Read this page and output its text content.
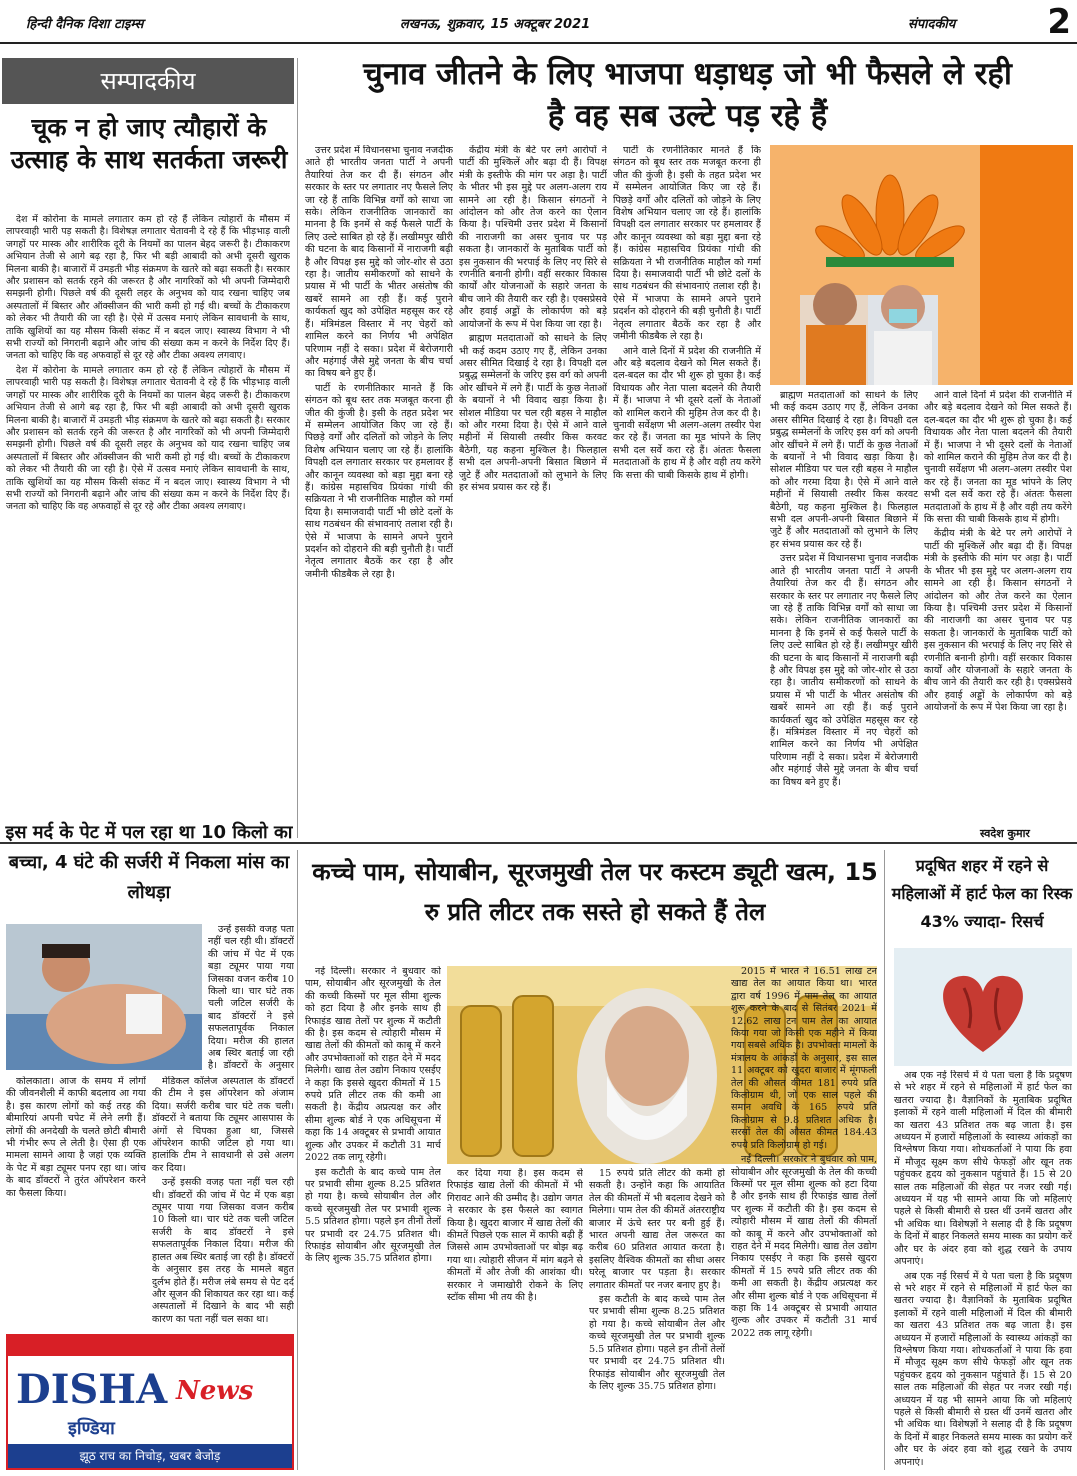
हिन्दी दैनिक दिशा टाइम्स	लखनऊ, शुक्रवार, 15 अक्टूबर 2021	संपादकीय	2
सम्पादकीय
चूक न हो जाए त्यौहारों के उत्साह के साथ सतर्कता जरूरी

देश में कोरोना के मामले लगातार कम हो रहे हैं लेकिन त्योहारों के मौसम में लापरवाही भारी पड़ सकती है। विशेषज्ञ लगातार चेतावनी दे रहे हैं कि भीड़भाड़ वाली जगहों पर मास्क और शारीरिक दूरी के नियमों का पालन बेहद जरूरी है। टीकाकरण अभियान तेजी से आगे बढ़ रहा है, फिर भी बड़ी आबादी को अभी दूसरी खुराक मिलना बाकी है। बाजारों में उमड़ती भीड़ संक्रमण के खतरे को बढ़ा सकती है। सरकार और प्रशासन को सतर्क रहने की जरूरत है और नागरिकों को भी अपनी जिम्मेदारी समझनी होगी। पिछले वर्ष की दूसरी लहर के अनुभव को याद रखना चाहिए जब अस्पतालों में बिस्तर और ऑक्सीजन की भारी कमी हो गई थी। बच्चों के टीकाकरण को लेकर भी तैयारी की जा रही है। ऐसे में उत्सव मनाएं लेकिन सावधानी के साथ, ताकि खुशियों का यह मौसम किसी संकट में न बदल जाए। स्वास्थ्य विभाग ने भी सभी राज्यों को निगरानी बढ़ाने और जांच की संख्या कम न करने के निर्देश दिए हैं। जनता को चाहिए कि वह अफवाहों से दूर रहे और टीका अवश्य लगवाए।

देश में कोरोना के मामले लगातार कम हो रहे हैं लेकिन त्योहारों के मौसम में लापरवाही भारी पड़ सकती है। विशेषज्ञ लगातार चेतावनी दे रहे हैं कि भीड़भाड़ वाली जगहों पर मास्क और शारीरिक दूरी के नियमों का पालन बेहद जरूरी है। टीकाकरण अभियान तेजी से आगे बढ़ रहा है, फिर भी बड़ी आबादी को अभी दूसरी खुराक मिलना बाकी है। बाजारों में उमड़ती भीड़ संक्रमण के खतरे को बढ़ा सकती है। सरकार और प्रशासन को सतर्क रहने की जरूरत है और नागरिकों को भी अपनी जिम्मेदारी समझनी होगी। पिछले वर्ष की दूसरी लहर के अनुभव को याद रखना चाहिए जब अस्पतालों में बिस्तर और ऑक्सीजन की भारी कमी हो गई थी। बच्चों के टीकाकरण को लेकर भी तैयारी की जा रही है। ऐसे में उत्सव मनाएं लेकिन सावधानी के साथ, ताकि खुशियों का यह मौसम किसी संकट में न बदल जाए। स्वास्थ्य विभाग ने भी सभी राज्यों को निगरानी बढ़ाने और जांच की संख्या कम न करने के निर्देश दिए हैं। जनता को चाहिए कि वह अफवाहों से दूर रहे और टीका अवश्य लगवाए।

चुनाव जीतने के लिए भाजपा धड़ाधड़ जो भी फैसले ले रही
है वह सब उल्टे पड़ रहे हैं

उत्तर प्रदेश में विधानसभा चुनाव नजदीक आते ही भारतीय जनता पार्टी ने अपनी तैयारियां तेज कर दी हैं। संगठन और सरकार के स्तर पर लगातार नए फैसले लिए जा रहे हैं ताकि विभिन्न वर्गों को साधा जा सके। लेकिन राजनीतिक जानकारों का मानना है कि इनमें से कई फैसले पार्टी के लिए उल्टे साबित हो रहे हैं। लखीमपुर खीरी की घटना के बाद किसानों में नाराजगी बढ़ी है और विपक्ष इस मुद्दे को जोर-शोर से उठा रहा है। जातीय समीकरणों को साधने के प्रयास में भी पार्टी के भीतर असंतोष की खबरें सामने आ रही हैं। कई पुराने कार्यकर्ता खुद को उपेक्षित महसूस कर रहे हैं। मंत्रिमंडल विस्तार में नए चेहरों को शामिल करने का निर्णय भी अपेक्षित परिणाम नहीं दे सका। प्रदेश में बेरोजगारी और महंगाई जैसे मुद्दे जनता के बीच चर्चा का विषय बने हुए हैं।

पार्टी के रणनीतिकार मानते हैं कि संगठन को बूथ स्तर तक मजबूत करना ही जीत की कुंजी है। इसी के तहत प्रदेश भर में सम्मेलन आयोजित किए जा रहे हैं। पिछड़े वर्गों और दलितों को जोड़ने के लिए विशेष अभियान चलाए जा रहे हैं। हालांकि विपक्षी दल लगातार सरकार पर हमलावर हैं और कानून व्यवस्था को बड़ा मुद्दा बना रहे हैं। कांग्रेस महासचिव प्रियंका गांधी की सक्रियता ने भी राजनीतिक माहौल को गर्मा दिया है। समाजवादी पार्टी भी छोटे दलों के साथ गठबंधन की संभावनाएं तलाश रही है। ऐसे में भाजपा के सामने अपने पुराने प्रदर्शन को दोहराने की बड़ी चुनौती है। पार्टी नेतृत्व लगातार बैठकें कर रहा है और जमीनी फीडबैक ले रहा है।

केंद्रीय मंत्री के बेटे पर लगे आरोपों ने पार्टी की मुश्किलें और बढ़ा दी हैं। विपक्ष मंत्री के इस्तीफे की मांग पर अड़ा है। पार्टी के भीतर भी इस मुद्दे पर अलग-अलग राय सामने आ रही है। किसान संगठनों ने आंदोलन को और तेज करने का ऐलान किया है। पश्चिमी उत्तर प्रदेश में किसानों की नाराजगी का असर चुनाव पर पड़ सकता है। जानकारों के मुताबिक पार्टी को इस नुकसान की भरपाई के लिए नए सिरे से रणनीति बनानी होगी। वहीं सरकार विकास कार्यों और योजनाओं के सहारे जनता के बीच जाने की तैयारी कर रही है। एक्सप्रेसवे और हवाई अड्डों के लोकार्पण को बड़े आयोजनों के रूप में पेश किया जा रहा है।

ब्राह्मण मतदाताओं को साधने के लिए भी कई कदम उठाए गए हैं, लेकिन उनका असर सीमित दिखाई दे रहा है। विपक्षी दल प्रबुद्ध सम्मेलनों के जरिए इस वर्ग को अपनी ओर खींचने में लगे हैं। पार्टी के कुछ नेताओं के बयानों ने भी विवाद खड़ा किया है। सोशल मीडिया पर चल रही बहस ने माहौल को और गरमा दिया है। ऐसे में आने वाले महीनों में सियासी तस्वीर किस करवट बैठेगी, यह कहना मुश्किल है। फिलहाल सभी दल अपनी-अपनी बिसात बिछाने में जुटे हैं और मतदाताओं को लुभाने के लिए हर संभव प्रयास कर रहे हैं।

पार्टी के रणनीतिकार मानते हैं कि संगठन को बूथ स्तर तक मजबूत करना ही जीत की कुंजी है। इसी के तहत प्रदेश भर में सम्मेलन आयोजित किए जा रहे हैं। पिछड़े वर्गों और दलितों को जोड़ने के लिए विशेष अभियान चलाए जा रहे हैं। हालांकि विपक्षी दल लगातार सरकार पर हमलावर हैं और कानून व्यवस्था को बड़ा मुद्दा बना रहे हैं। कांग्रेस महासचिव प्रियंका गांधी की सक्रियता ने भी राजनीतिक माहौल को गर्मा दिया है। समाजवादी पार्टी भी छोटे दलों के साथ गठबंधन की संभावनाएं तलाश रही है। ऐसे में भाजपा के सामने अपने पुराने प्रदर्शन को दोहराने की बड़ी चुनौती है। पार्टी नेतृत्व लगातार बैठकें कर रहा है और जमीनी फीडबैक ले रहा है।

आने वाले दिनों में प्रदेश की राजनीति में और बड़े बदलाव देखने को मिल सकते हैं। दल-बदल का दौर भी शुरू हो चुका है। कई विधायक और नेता पाला बदलने की तैयारी में हैं। भाजपा ने भी दूसरे दलों के नेताओं को शामिल कराने की मुहिम तेज कर दी है। चुनावी सर्वेक्षण भी अलग-अलग तस्वीर पेश कर रहे हैं। जनता का मूड भांपने के लिए सभी दल सर्वे करा रहे हैं। अंततः फैसला मतदाताओं के हाथ में है और वही तय करेंगे कि सत्ता की चाबी किसके हाथ में होगी।

ब्राह्मण मतदाताओं को साधने के लिए भी कई कदम उठाए गए हैं, लेकिन उनका असर सीमित दिखाई दे रहा है। विपक्षी दल प्रबुद्ध सम्मेलनों के जरिए इस वर्ग को अपनी ओर खींचने में लगे हैं। पार्टी के कुछ नेताओं के बयानों ने भी विवाद खड़ा किया है। सोशल मीडिया पर चल रही बहस ने माहौल को और गरमा दिया है। ऐसे में आने वाले महीनों में सियासी तस्वीर किस करवट बैठेगी, यह कहना मुश्किल है। फिलहाल सभी दल अपनी-अपनी बिसात बिछाने में जुटे हैं और मतदाताओं को लुभाने के लिए हर संभव प्रयास कर रहे हैं।

उत्तर प्रदेश में विधानसभा चुनाव नजदीक आते ही भारतीय जनता पार्टी ने अपनी तैयारियां तेज कर दी हैं। संगठन और सरकार के स्तर पर लगातार नए फैसले लिए जा रहे हैं ताकि विभिन्न वर्गों को साधा जा सके। लेकिन राजनीतिक जानकारों का मानना है कि इनमें से कई फैसले पार्टी के लिए उल्टे साबित हो रहे हैं। लखीमपुर खीरी की घटना के बाद किसानों में नाराजगी बढ़ी है और विपक्ष इस मुद्दे को जोर-शोर से उठा रहा है। जातीय समीकरणों को साधने के प्रयास में भी पार्टी के भीतर असंतोष की खबरें सामने आ रही हैं। कई पुराने कार्यकर्ता खुद को उपेक्षित महसूस कर रहे हैं। मंत्रिमंडल विस्तार में नए चेहरों को शामिल करने का निर्णय भी अपेक्षित परिणाम नहीं दे सका। प्रदेश में बेरोजगारी और महंगाई जैसे मुद्दे जनता के बीच चर्चा का विषय बने हुए हैं।

आने वाले दिनों में प्रदेश की राजनीति में और बड़े बदलाव देखने को मिल सकते हैं। दल-बदल का दौर भी शुरू हो चुका है। कई विधायक और नेता पाला बदलने की तैयारी में हैं। भाजपा ने भी दूसरे दलों के नेताओं को शामिल कराने की मुहिम तेज कर दी है। चुनावी सर्वेक्षण भी अलग-अलग तस्वीर पेश कर रहे हैं। जनता का मूड भांपने के लिए सभी दल सर्वे करा रहे हैं। अंततः फैसला मतदाताओं के हाथ में है और वही तय करेंगे कि सत्ता की चाबी किसके हाथ में होगी।

केंद्रीय मंत्री के बेटे पर लगे आरोपों ने पार्टी की मुश्किलें और बढ़ा दी हैं। विपक्ष मंत्री के इस्तीफे की मांग पर अड़ा है। पार्टी के भीतर भी इस मुद्दे पर अलग-अलग राय सामने आ रही है। किसान संगठनों ने आंदोलन को और तेज करने का ऐलान किया है। पश्चिमी उत्तर प्रदेश में किसानों की नाराजगी का असर चुनाव पर पड़ सकता है। जानकारों के मुताबिक पार्टी को इस नुकसान की भरपाई के लिए नए सिरे से रणनीति बनानी होगी। वहीं सरकार विकास कार्यों और योजनाओं के सहारे जनता के बीच जाने की तैयारी कर रही है। एक्सप्रेसवे और हवाई अड्डों के लोकार्पण को बड़े आयोजनों के रूप में पेश किया जा रहा है।

स्वदेश कुमार
इस मर्द के पेट में पल रहा था 10 किलो का बच्चा, 4 घंटे की सर्जरी में निकला मांस का लोथड़ा

उन्हें इसकी वजह पता नहीं चल रही थी। डॉक्टरों की जांच में पेट में एक बड़ा ट्यूमर पाया गया जिसका वजन करीब 10 किलो था। चार घंटे तक चली जटिल सर्जरी के बाद डॉक्टरों ने इसे सफलतापूर्वक निकाल दिया। मरीज की हालत अब स्थिर बताई जा रही है। डॉक्टरों के अनुसार

कोलकाता। आज के समय में लोगों की जीवनशैली में काफी बदलाव आ गया है। इस कारण लोगों को कई तरह की बीमारियां अपनी चपेट में लेने लगी हैं। लोगों की अनदेखी के चलते छोटी बीमारी भी गंभीर रूप ले लेती है। ऐसा ही एक मामला सामने आया है जहां एक व्यक्ति के पेट में बड़ा ट्यूमर पनप रहा था। जांच के बाद डॉक्टरों ने तुरंत ऑपरेशन करने का फैसला किया।

मेडिकल कॉलेज अस्पताल के डॉक्टरों की टीम ने इस ऑपरेशन को अंजाम दिया। सर्जरी करीब चार घंटे तक चली। डॉक्टरों ने बताया कि ट्यूमर आसपास के अंगों से चिपका हुआ था, जिससे ऑपरेशन काफी जटिल हो गया था। हालांकि टीम ने सावधानी से उसे अलग कर दिया।

उन्हें इसकी वजह पता नहीं चल रही थी। डॉक्टरों की जांच में पेट में एक बड़ा ट्यूमर पाया गया जिसका वजन करीब 10 किलो था। चार घंटे तक चली जटिल सर्जरी के बाद डॉक्टरों ने इसे सफलतापूर्वक निकाल दिया। मरीज की हालत अब स्थिर बताई जा रही है। डॉक्टरों के अनुसार इस तरह के मामले बहुत दुर्लभ होते हैं। मरीज लंबे समय से पेट दर्द और सूजन की शिकायत कर रहा था। कई अस्पतालों में दिखाने के बाद भी सही कारण का पता नहीं चल सका था।

DISHA News
इण्डिया
झूठ राच का निचोड़, खबर बेजोड़
कच्चे पाम, सोयाबीन, सूरजमुखी तेल पर कस्टम ड्यूटी खत्म, 15 रु प्रति लीटर तक सस्ते हो सकते हैं तेल

नई दिल्ली। सरकार ने बुधवार को पाम, सोयाबीन और सूरजमुखी के तेल की कच्ची किस्मों पर मूल सीमा शुल्क को हटा दिया है और इनके साथ ही रिफाइंड खाद्य तेलों पर शुल्क में कटौती की है। इस कदम से त्योहारी मौसम में खाद्य तेलों की कीमतों को काबू में करने और उपभोक्ताओं को राहत देने में मदद मिलेगी। खाद्य तेल उद्योग निकाय एसईए ने कहा कि इससे खुदरा कीमतों में 15 रुपये प्रति लीटर तक की कमी आ सकती है। केंद्रीय अप्रत्यक्ष कर और सीमा शुल्क बोर्ड ने एक अधिसूचना में कहा कि 14 अक्टूबर से प्रभावी आयात शुल्क और उपकर में कटौती 31 मार्च 2022 तक लागू रहेगी।

इस कटौती के बाद कच्चे पाम तेल पर प्रभावी सीमा शुल्क 8.25 प्रतिशत हो गया है। कच्चे सोयाबीन तेल और कच्चे सूरजमुखी तेल पर प्रभावी शुल्क 5.5 प्रतिशत होगा। पहले इन तीनों तेलों पर प्रभावी दर 24.75 प्रतिशत थी। रिफाइंड सोयाबीन और सूरजमुखी तेल के लिए शुल्क 35.75 प्रतिशत होगा।

कर दिया गया है। इस कदम से रिफाइंड खाद्य तेलों की कीमतों में भी गिरावट आने की उम्मीद है। उद्योग जगत ने सरकार के इस फैसले का स्वागत किया है। खुदरा बाजार में खाद्य तेलों की कीमतें पिछले एक साल में काफी बढ़ी हैं जिससे आम उपभोक्ताओं पर बोझ बढ़ गया था। त्योहारी सीजन में मांग बढ़ने से कीमतों में और तेजी की आशंका थी। सरकार ने जमाखोरी रोकने के लिए स्टॉक सीमा भी तय की है।

15 रुपये प्रति लीटर की कमी हो सकती है। उन्होंने कहा कि आयातित तेल की कीमतों में भी बदलाव देखने को मिलेगा। पाम तेल की कीमतें अंतरराष्ट्रीय बाजार में ऊंचे स्तर पर बनी हुई हैं। भारत अपनी खाद्य तेल जरूरत का करीब 60 प्रतिशत आयात करता है। इसलिए वैश्विक कीमतों का सीधा असर घरेलू बाजार पर पड़ता है। सरकार लगातार कीमतों पर नजर बनाए हुए है।

इस कटौती के बाद कच्चे पाम तेल पर प्रभावी सीमा शुल्क 8.25 प्रतिशत हो गया है। कच्चे सोयाबीन तेल और कच्चे सूरजमुखी तेल पर प्रभावी शुल्क 5.5 प्रतिशत होगा। पहले इन तीनों तेलों पर प्रभावी दर 24.75 प्रतिशत थी। रिफाइंड सोयाबीन और सूरजमुखी तेल के लिए शुल्क 35.75 प्रतिशत होगा।

2015 में भारत ने 16.51 लाख टन खाद्य तेल का आयात किया था। भारत द्वारा वर्ष 1996 में पाम तेल का आयात शुरू करने के बाद से सितंबर 2021 में 12.62 लाख टन पाम तेल का आयात किया गया जो किसी एक महीने में किया गया सबसे अधिक है। उपभोक्ता मामलों के मंत्रालय के आंकड़ों के अनुसार, इस साल 11 अक्टूबर को खुदरा बाजार में मूंगफली तेल की औसत कीमत 181 रुपये प्रति किलोग्राम थी, जो एक साल पहले की समान अवधि के 165 रुपये प्रति किलोग्राम से 9.8 प्रतिशत अधिक है। सरसों तेल की औसत कीमत 184.43 रुपये प्रति किलोग्राम हो गई।

नई दिल्ली। सरकार ने बुधवार को पाम, सोयाबीन और सूरजमुखी के तेल की कच्ची किस्मों पर मूल सीमा शुल्क को हटा दिया है और इनके साथ ही रिफाइंड खाद्य तेलों पर शुल्क में कटौती की है। इस कदम से त्योहारी मौसम में खाद्य तेलों की कीमतों को काबू में करने और उपभोक्ताओं को राहत देने में मदद मिलेगी। खाद्य तेल उद्योग निकाय एसईए ने कहा कि इससे खुदरा कीमतों में 15 रुपये प्रति लीटर तक की कमी आ सकती है। केंद्रीय अप्रत्यक्ष कर और सीमा शुल्क बोर्ड ने एक अधिसूचना में कहा कि 14 अक्टूबर से प्रभावी आयात शुल्क और उपकर में कटौती 31 मार्च 2022 तक लागू रहेगी।

प्रदूषित शहर में रहने से महिलाओं में हार्ट फेल का रिस्क 43% ज्यादा- रिसर्च

अब एक नई रिसर्च में ये पता चला है कि प्रदूषण से भरे शहर में रहने से महिलाओं में हार्ट फेल का खतरा ज्यादा है। वैज्ञानिकों के मुताबिक प्रदूषित इलाकों में रहने वाली महिलाओं में दिल की बीमारी का खतरा 43 प्रतिशत तक बढ़ जाता है। इस अध्ययन में हजारों महिलाओं के स्वास्थ्य आंकड़ों का विश्लेषण किया गया। शोधकर्ताओं ने पाया कि हवा में मौजूद सूक्ष्म कण सीधे फेफड़ों और खून तक पहुंचकर हृदय को नुकसान पहुंचाते हैं। 15 से 20 साल तक महिलाओं की सेहत पर नजर रखी गई। अध्ययन में यह भी सामने आया कि जो महिलाएं पहले से किसी बीमारी से ग्रस्त थीं उनमें खतरा और भी अधिक था। विशेषज्ञों ने सलाह दी है कि प्रदूषण के दिनों में बाहर निकलते समय मास्क का प्रयोग करें और घर के अंदर हवा को शुद्ध रखने के उपाय अपनाएं।

अब एक नई रिसर्च में ये पता चला है कि प्रदूषण से भरे शहर में रहने से महिलाओं में हार्ट फेल का खतरा ज्यादा है। वैज्ञानिकों के मुताबिक प्रदूषित इलाकों में रहने वाली महिलाओं में दिल की बीमारी का खतरा 43 प्रतिशत तक बढ़ जाता है। इस अध्ययन में हजारों महिलाओं के स्वास्थ्य आंकड़ों का विश्लेषण किया गया। शोधकर्ताओं ने पाया कि हवा में मौजूद सूक्ष्म कण सीधे फेफड़ों और खून तक पहुंचकर हृदय को नुकसान पहुंचाते हैं। 15 से 20 साल तक महिलाओं की सेहत पर नजर रखी गई। अध्ययन में यह भी सामने आया कि जो महिलाएं पहले से किसी बीमारी से ग्रस्त थीं उनमें खतरा और भी अधिक था। विशेषज्ञों ने सलाह दी है कि प्रदूषण के दिनों में बाहर निकलते समय मास्क का प्रयोग करें और घर के अंदर हवा को शुद्ध रखने के उपाय अपनाएं।
